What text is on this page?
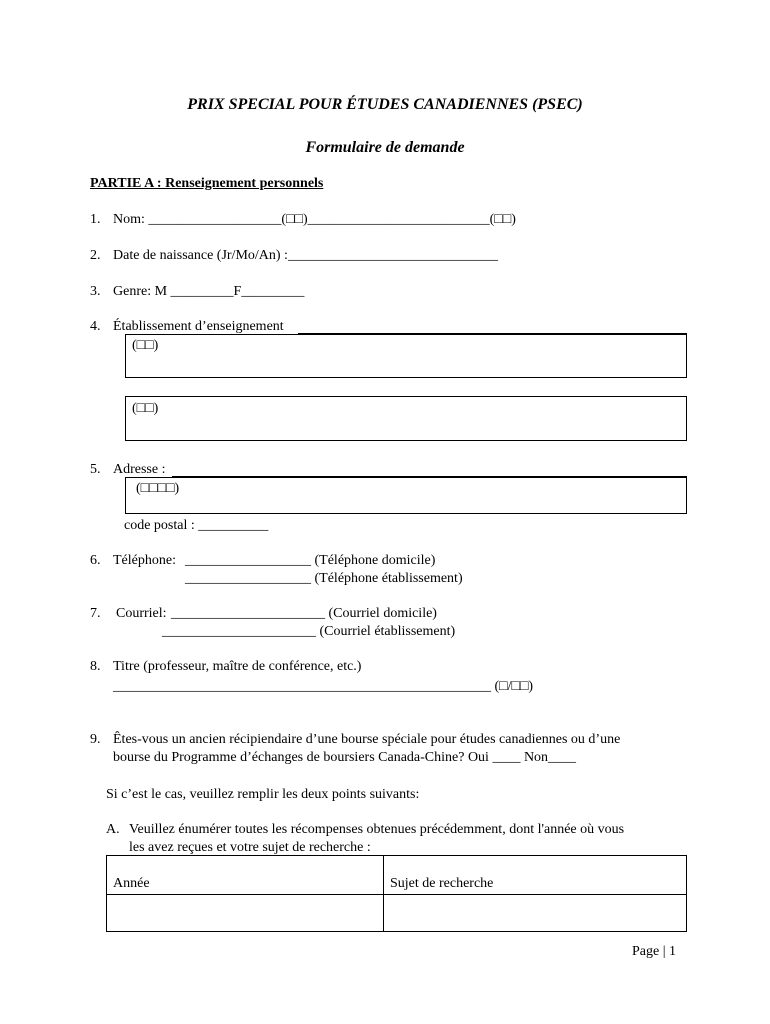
PRIX SPECIAL POUR ÉTUDES CANADIENNES (PSEC)
Formulaire de demande
PARTIE A : Renseignement personnels
1. Nom: ___________________(□□)__________________________(□□)
2. Date de naissance (Jr/Mo/An) :______________________________
3. Genre: M _________F_________
4. Établissement d’enseignement
(□□)
(□□)
5. Adresse :
(□□□□)
code postal : __________
6. Téléphone: __________________ (Téléphone domicile)
__________________ (Téléphone établissement)
7. Courriel: ______________________ (Courriel domicile)
______________________ (Courriel établissement)
8. Titre (professeur, maître de conférence, etc.)
______________________________________________________ (□/□□)
9. Êtes-vous un ancien récipiendaire d’une bourse spéciale pour études canadiennes ou d’une
bourse du Programme d’échanges de boursiers Canada-Chine? Oui ____ Non____
Si c’est le cas, veuillez remplir les deux points suivants:
A. Veuillez énumérer toutes les récompenses obtenues précédemment, dont l'année où vous
les avez reçues et votre sujet de recherche :
Année	Sujet de recherche

Page | 1
